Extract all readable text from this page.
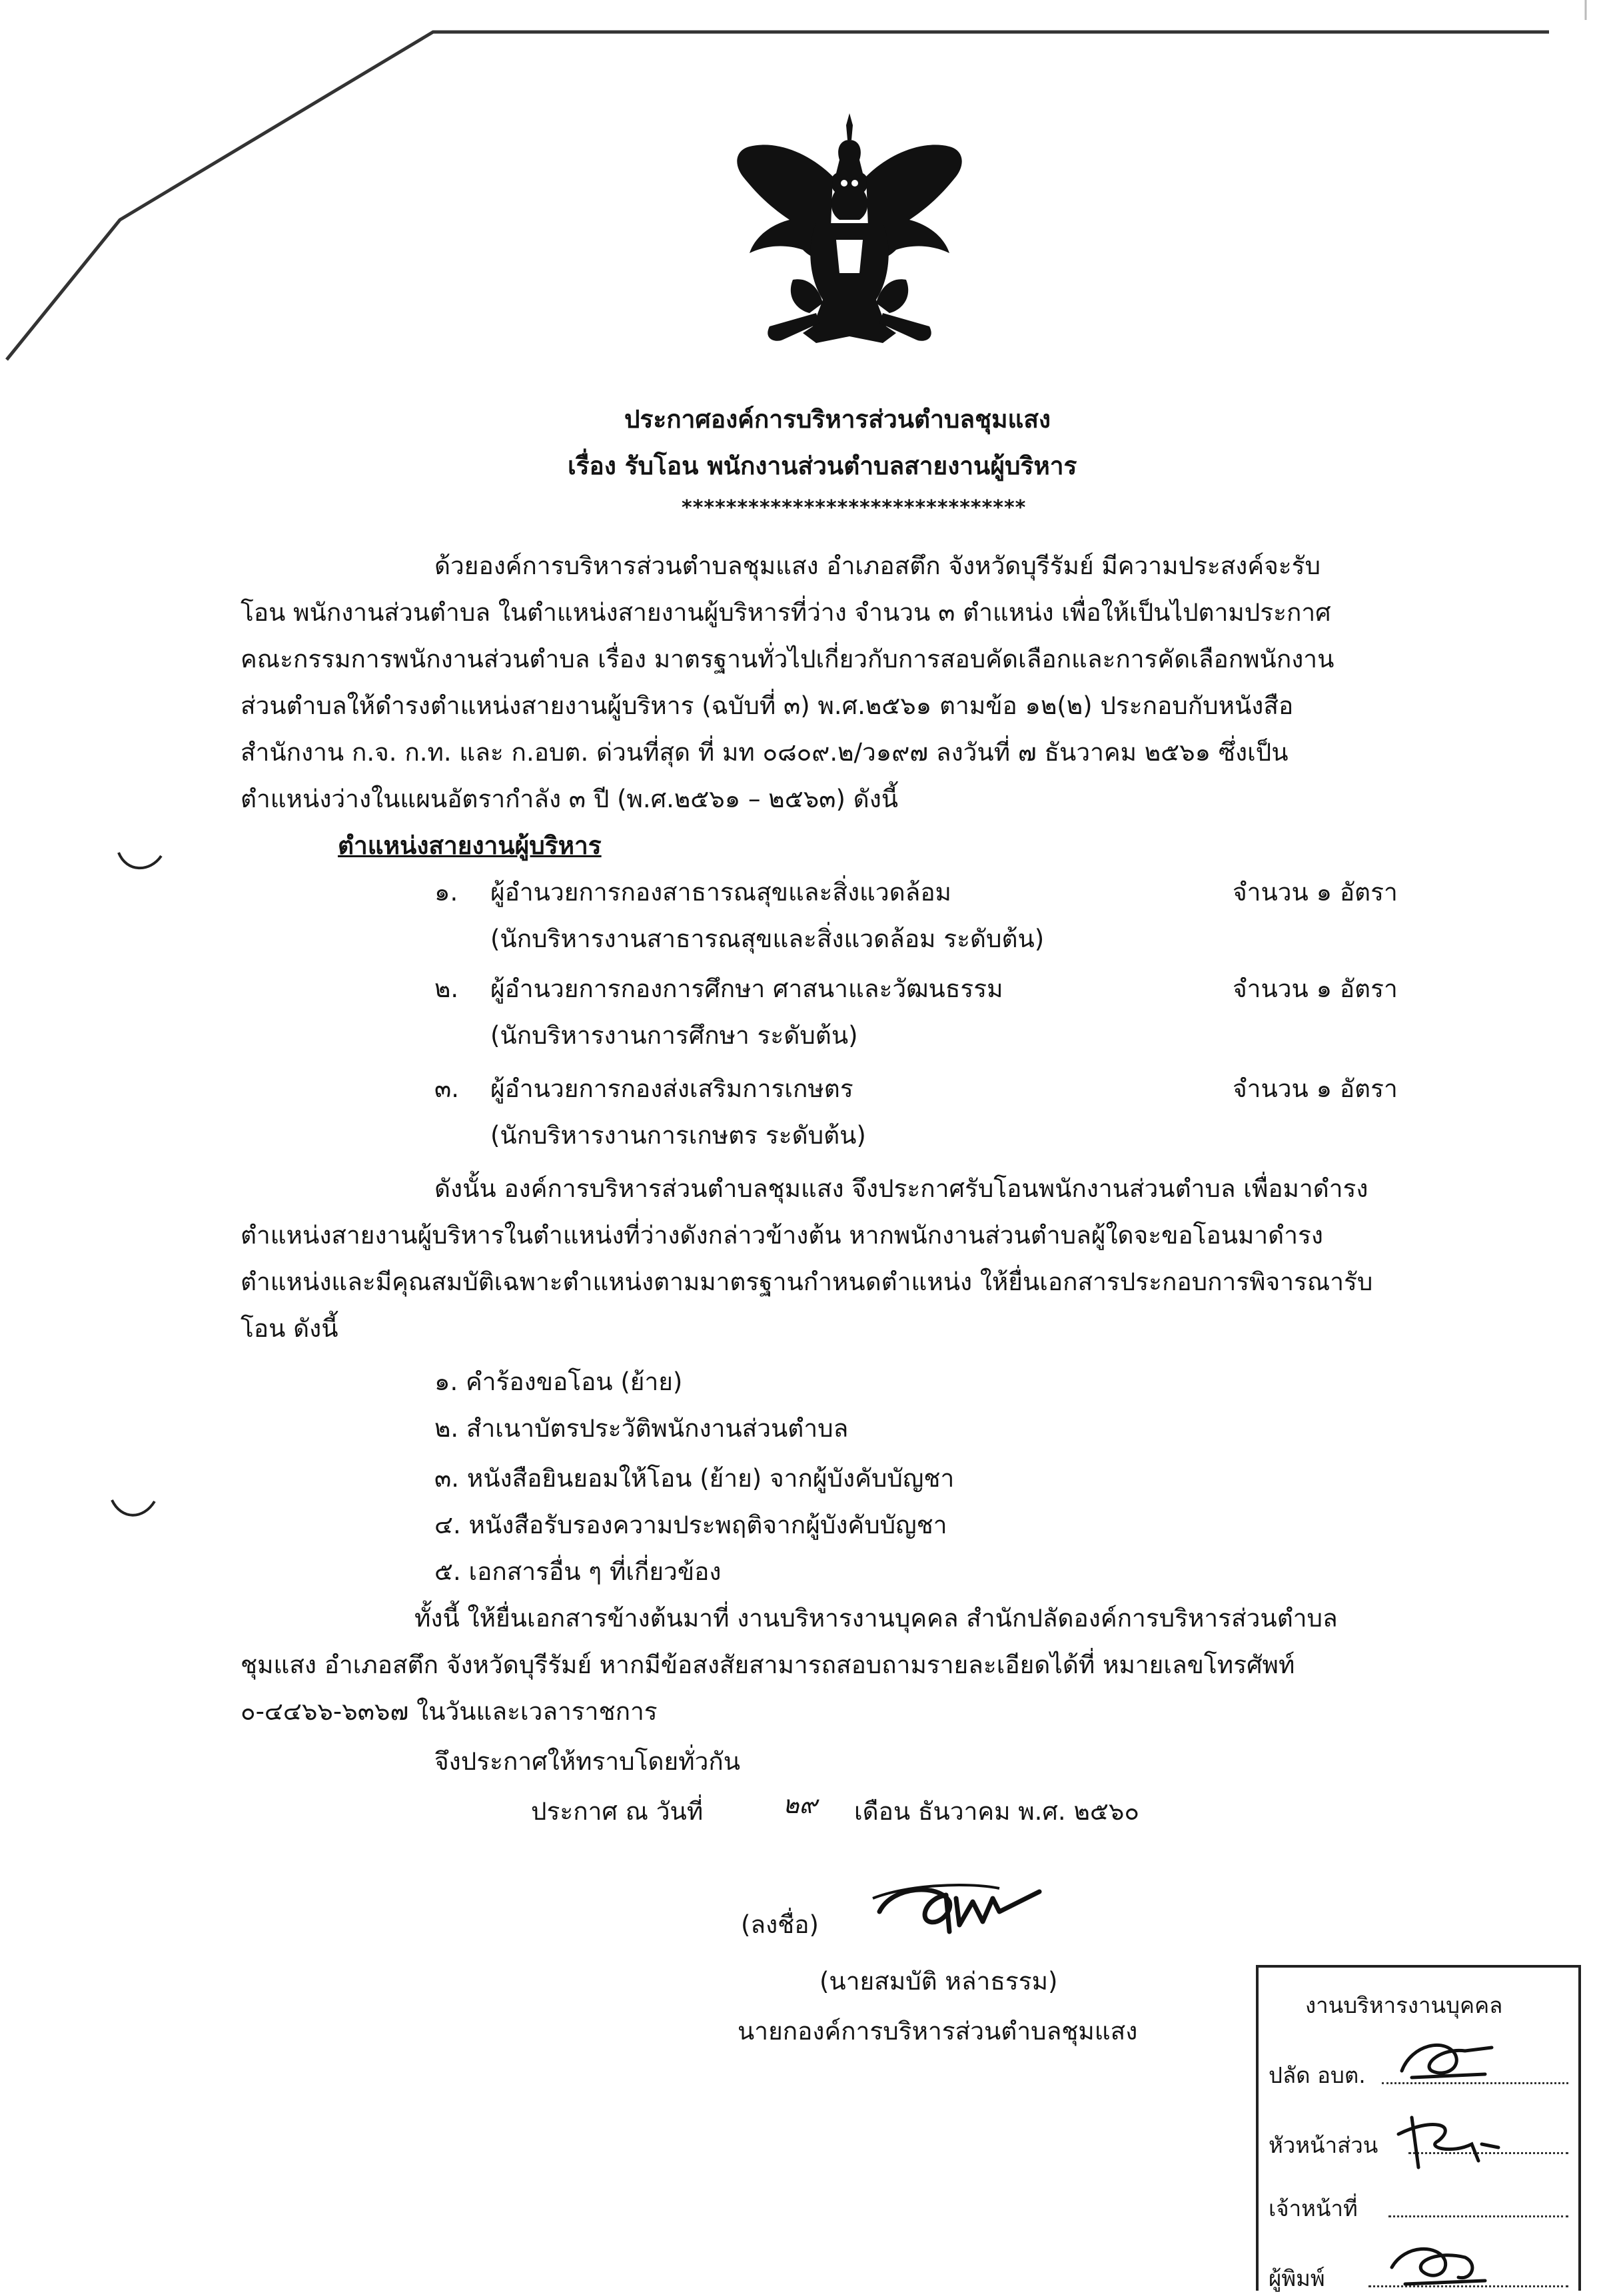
ประกาศองค์การบริหารส่วนตำบลชุมแสง
เรื่อง รับโอน พนักงานส่วนตำบลสายงานผู้บริหาร
*******************************
ด้วยองค์การบริหารส่วนตำบลชุมแสง อำเภอสตึก จังหวัดบุรีรัมย์ มีความประสงค์จะรับ
โอน พนักงานส่วนตำบล ในตำแหน่งสายงานผู้บริหารที่ว่าง จำนวน ๓ ตำแหน่ง เพื่อให้เป็นไปตามประกาศ
คณะกรรมการพนักงานส่วนตำบล เรื่อง มาตรฐานทั่วไปเกี่ยวกับการสอบคัดเลือกและการคัดเลือกพนักงาน
ส่วนตำบลให้ดำรงตำแหน่งสายงานผู้บริหาร (ฉบับที่ ๓) พ.ศ.๒๕๖๑ ตามข้อ ๑๒(๒) ประกอบกับหนังสือ
สำนักงาน ก.จ. ก.ท. และ ก.อบต. ด่วนที่สุด ที่ มท ๐๘๐๙.๒/ว๑๙๗ ลงวันที่ ๗ ธันวาคม ๒๕๖๑ ซึ่งเป็น
ตำแหน่งว่างในแผนอัตรากำลัง ๓ ปี (พ.ศ.๒๕๖๑ – ๒๕๖๓) ดังนี้
ตำแหน่งสายงานผู้บริหาร
๑. ผู้อำนวยการกองสาธารณสุขและสิ่งแวดล้อม	จำนวน ๑ อัตรา
(นักบริหารงานสาธารณสุขและสิ่งแวดล้อม ระดับต้น)
๒. ผู้อำนวยการกองการศึกษา ศาสนาและวัฒนธรรม	จำนวน ๑ อัตรา
(นักบริหารงานการศึกษา ระดับต้น)
๓. ผู้อำนวยการกองส่งเสริมการเกษตร	จำนวน ๑ อัตรา
(นักบริหารงานการเกษตร ระดับต้น)
ดังนั้น องค์การบริหารส่วนตำบลชุมแสง จึงประกาศรับโอนพนักงานส่วนตำบล เพื่อมาดำรง
ตำแหน่งสายงานผู้บริหารในตำแหน่งที่ว่างดังกล่าวข้างต้น หากพนักงานส่วนตำบลผู้ใดจะขอโอนมาดำรง
ตำแหน่งและมีคุณสมบัติเฉพาะตำแหน่งตามมาตรฐานกำหนดตำแหน่ง ให้ยื่นเอกสารประกอบการพิจารณารับ
โอน ดังนี้
๑. คำร้องขอโอน (ย้าย)
๒. สำเนาบัตรประวัติพนักงานส่วนตำบล
๓. หนังสือยินยอมให้โอน (ย้าย) จากผู้บังคับบัญชา
๔. หนังสือรับรองความประพฤติจากผู้บังคับบัญชา
๕. เอกสารอื่น ๆ ที่เกี่ยวข้อง
ทั้งนี้ ให้ยื่นเอกสารข้างต้นมาที่ งานบริหารงานบุคคล สำนักปลัดองค์การบริหารส่วนตำบล
ชุมแสง อำเภอสตึก จังหวัดบุรีรัมย์ หากมีข้อสงสัยสามารถสอบถามรายละเอียดได้ที่ หมายเลขโทรศัพท์
๐-๔๔๖๖-๖๓๖๗ ในวันและเวลาราชการ
จึงประกาศให้ทราบโดยทั่วกัน
ประกาศ ณ วันที่	๒๙ เดือน ธันวาคม พ.ศ. ๒๕๖๐
(ลงชื่อ)
(นายสมบัติ หล่าธรรม)
นายกองค์การบริหารส่วนตำบลชุมแสง
งานบริหารงานบุคคล
ปลัด อบต.
หัวหน้าส่วน
เจ้าหน้าที่
ผู้พิมพ์
